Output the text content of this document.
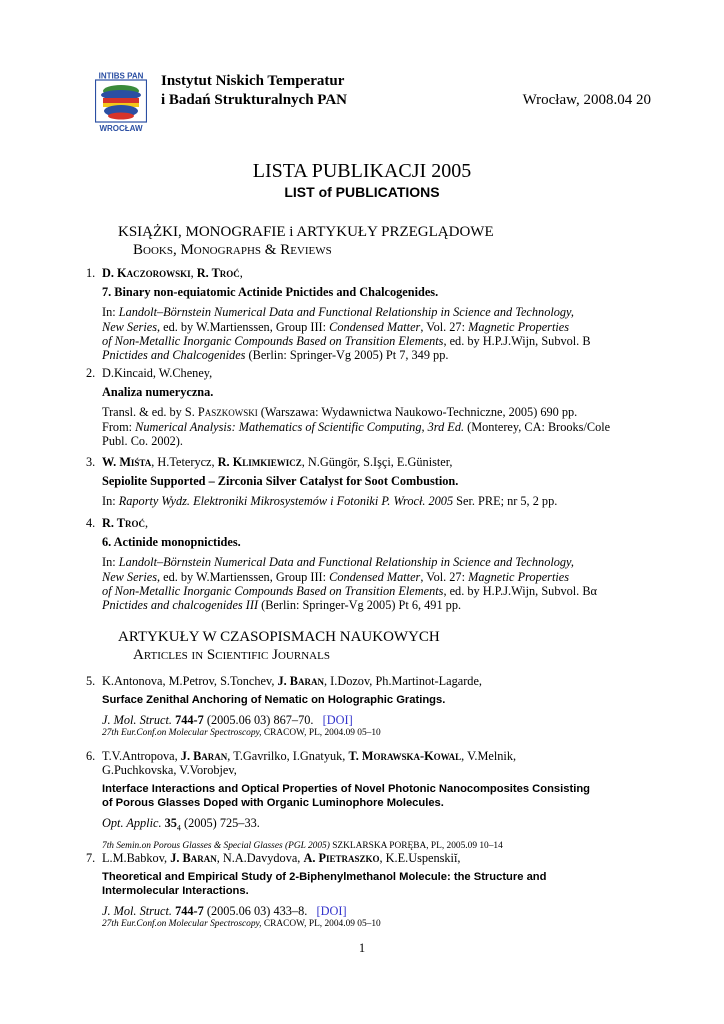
INTIBS PAN
WROCŁAW
Instytut Niskich Temperatur
i Badań Strukturalnych PAN	Wrocław, 2008.04 20
LISTA PUBLIKACJI 2005
LIST of PUBLICATIONS
KSIĄŻKI, MONOGRAFIE i ARTYKUŁY PRZEGLĄDOWE
Books, Monographs & Reviews
1. D. Kaczorowski, R. Troć,
7. Binary non-equiatomic Actinide Pnictides and Chalcogenides.

In: Landolt–Börnstein Numerical Data and Functional Relationship in Science and Technology,

New Series, ed. by W.Martienssen, Group III: Condensed Matter, Vol. 27: Magnetic Properties

of Non-Metallic Inorganic Compounds Based on Transition Elements, ed. by H.P.J.Wijn, Subvol. B

Pnictides and Chalcogenides (Berlin: Springer-Vg 2005) Pt 7, 349 pp.

2. D.Kincaid, W.Cheney,
Analiza numeryczna.

Transl. & ed. by S. Paszkowski (Warszawa: Wydawnictwa Naukowo-Techniczne, 2005) 690 pp.

From: Numerical Analysis: Mathematics of Scientific Computing, 3rd Ed. (Monterey, CA: Brooks/Cole

Publ. Co. 2002).

3. W. Miśta, H.Teterycz, R. Klimkiewicz, N.Güngör, S.Işçi, E.Günister,
Sepiolite Supported – Zirconia Silver Catalyst for Soot Combustion.

In: Raporty Wydz. Elektroniki Mikrosystemów i Fotoniki P. Wrocł. 2005 Ser. PRE; nr 5, 2 pp.

4. R. Troć,
6. Actinide monopnictides.

In: Landolt–Börnstein Numerical Data and Functional Relationship in Science and Technology,

New Series, ed. by W.Martienssen, Group III: Condensed Matter, Vol. 27: Magnetic Properties

of Non-Metallic Inorganic Compounds Based on Transition Elements, ed. by H.P.J.Wijn, Subvol. Bα

Pnictides and chalcogenides III (Berlin: Springer-Vg 2005) Pt 6, 491 pp.

ARTYKUŁY W CZASOPISMACH NAUKOWYCH
Articles in Scientific Journals
5. K.Antonova, M.Petrov, S.Tonchev, J. Baran, I.Dozov, Ph.Martinot-Lagarde,
Surface Zenithal Anchoring of Nematic on Holographic Gratings.
J. Mol. Struct. 744-7 (2005.06 03) 867–70. [DOI]
27th Eur.Conf.on Molecular Spectroscopy, CRACOW, PL, 2004.09 05–10
6. T.V.Antropova, J. Baran, T.Gavrilko, I.Gnatyuk, T. Morawska-Kowal, V.Melnik,
G.Puchkovska, V.Vorobjev,
Interface Interactions and Optical Properties of Novel Photonic Nanocomposites Consisting
of Porous Glasses Doped with Organic Luminophore Molecules.
Opt. Applic. $35_4$ (2005) 725–33.
7th Semin.on Porous Glasses & Special Glasses (PGL 2005) SZKLARSKA PORĘBA, PL, 2005.09 10–14
7. L.M.Babkov, J. Baran, N.A.Davydova, A. Pietraszko, K.E.Uspenskiĭ,
Theoretical and Empirical Study of 2-Biphenylmethanol Molecule: the Structure and
Intermolecular Interactions.
J. Mol. Struct. 744-7 (2005.06 03) 433–8. [DOI]
27th Eur.Conf.on Molecular Spectroscopy, CRACOW, PL, 2004.09 05–10
1
